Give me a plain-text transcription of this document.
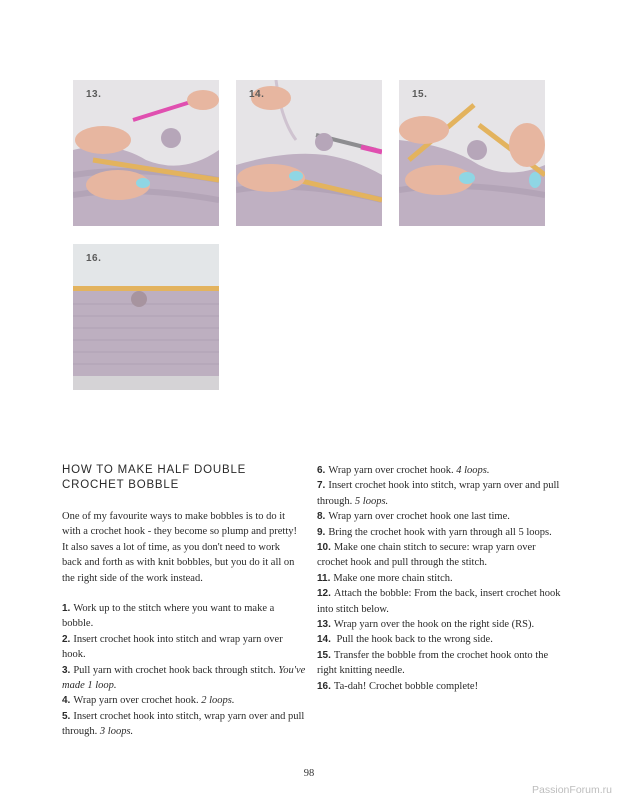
13.	14.	15.
16.
HOW TO MAKE HALF DOUBLE
CROCHET BOBBLE
One of my favourite ways to make bobbles is to do it with a crochet hook - they become so plump and pretty! It also saves a lot of time, as you don't need to work back and forth as with knit bobbles, but you do it all on the right side of the work instead.

1. Work up to the stitch where you want to make a bobble.

2. Insert crochet hook into stitch and wrap yarn over hook.

3. Pull yarn with crochet hook back through stitch. You've made 1 loop.

4. Wrap yarn over crochet hook. 2 loops.

5. Insert crochet hook into stitch, wrap yarn over and pull through. 3 loops.

6. Wrap yarn over crochet hook. 4 loops.

7. Insert crochet hook into stitch, wrap yarn over and pull through. 5 loops.

8. Wrap yarn over crochet hook one last time.

9. Bring the crochet hook with yarn through all 5 loops.

10. Make one chain stitch to secure: wrap yarn over crochet hook and pull through the stitch.

11. Make one more chain stitch.

12. Attach the bobble: From the back, insert crochet hook into stitch below.

13. Wrap yarn over the hook on the right side (RS).

14. Pull the hook back to the wrong side.

15. Transfer the bobble from the crochet hook onto the right knitting needle.

16. Ta-dah! Crochet bobble complete!

98
PassionForum.ru
